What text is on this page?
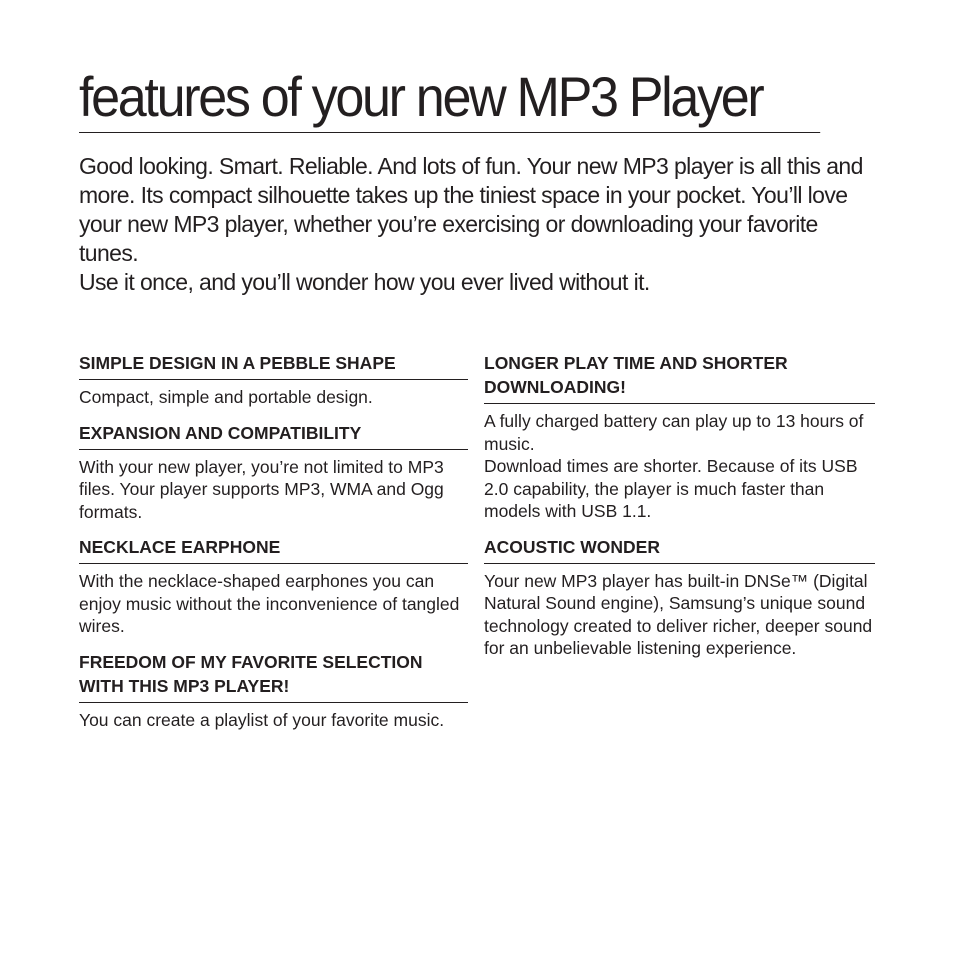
features of your new MP3 Player

Good looking. Smart. Reliable. And lots of fun. Your new MP3 player is all this and more. Its compact silhouette takes up the tiniest space in your pocket. You’ll love your new MP3 player, whether you’re exercising or downloading your favorite tunes.

Use it once, and you’ll wonder how you ever lived without it.

SIMPLE DESIGN IN A PEBBLE SHAPE

Compact, simple and portable design.

EXPANSION AND COMPATIBILITY

With your new player, you’re not limited to MP3 files. Your player supports MP3, WMA and Ogg formats.

NECKLACE EARPHONE

With the necklace-shaped earphones you can enjoy music without the inconvenience of tangled wires.

FREEDOM OF MY FAVORITE SELECTION WITH THIS MP3 PLAYER!

You can create a playlist of your favorite music.

LONGER PLAY TIME AND SHORTER DOWNLOADING!

A fully charged battery can play up to 13 hours of music.

Download times are shorter. Because of its USB 2.0 capability, the player is much faster than models with USB 1.1.

ACOUSTIC WONDER

Your new MP3 player has built-in DNSe™ (Digital Natural Sound engine), Samsung’s unique sound technology created to deliver richer, deeper sound for an unbelievable listening experience.
